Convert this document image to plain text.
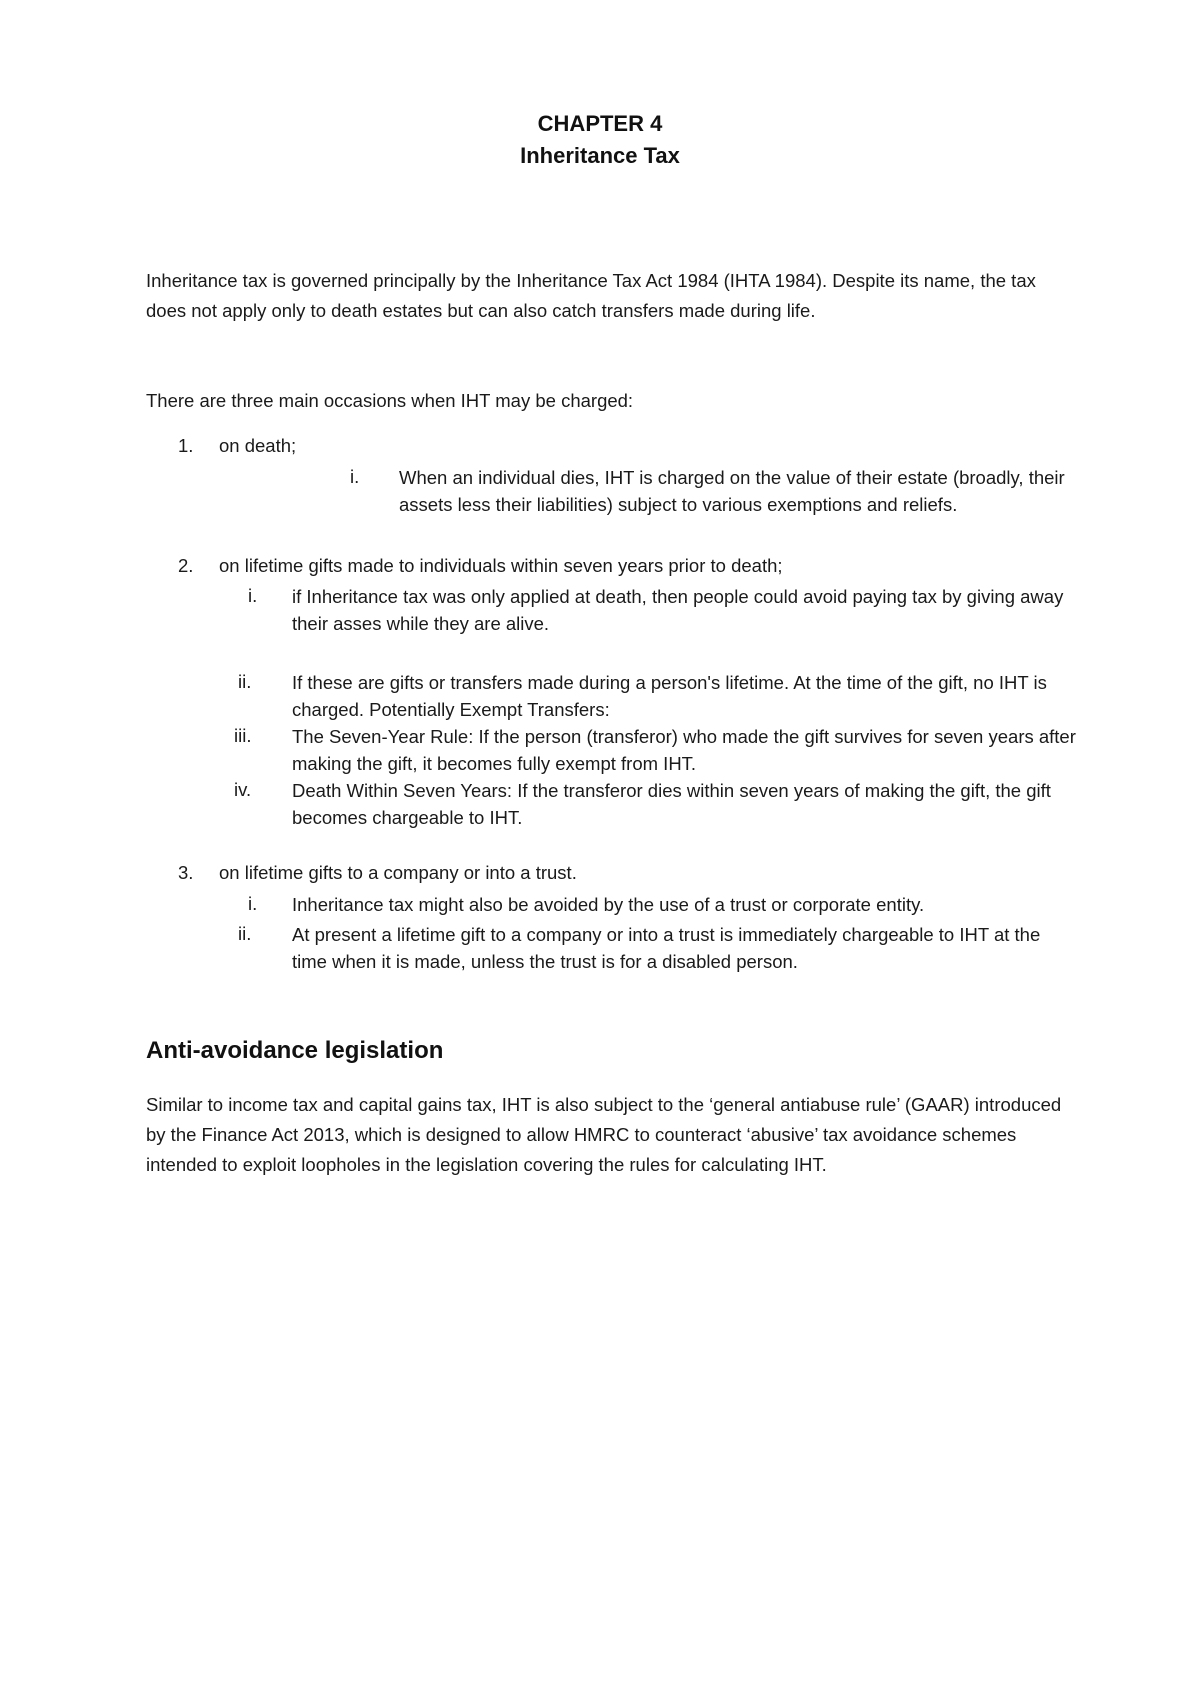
CHAPTER 4
Inheritance Tax
Inheritance tax is governed principally by the Inheritance Tax Act 1984 (IHTA 1984). Despite its name, the tax does not apply only to death estates but can also catch transfers made during life.
There are three main occasions when IHT may be charged:
1.	on death;
i.	When an individual dies, IHT is charged on the value of their estate (broadly, their assets less their liabilities) subject to various exemptions and reliefs.
2.	on lifetime gifts made to individuals within seven years prior to death;
i.	if Inheritance tax was only applied at death, then people could avoid paying tax by giving away their asses while they are alive.
ii.	If these are gifts or transfers made during a person's lifetime. At the time of the gift, no IHT is charged. Potentially Exempt Transfers:
iii.	The Seven-Year Rule: If the person (transferor) who made the gift survives for seven years after making the gift, it becomes fully exempt from IHT.
iv.	Death Within Seven Years: If the transferor dies within seven years of making the gift, the gift becomes chargeable to IHT.
3.	on lifetime gifts to a company or into a trust.
i.	Inheritance tax might also be avoided by the use of a trust or corporate entity.
ii.	At present a lifetime gift to a company or into a trust is immediately chargeable to IHT at the time when it is made, unless the trust is for a disabled person.
Anti-avoidance legislation
Similar to income tax and capital gains tax, IHT is also subject to the ‘general antiabuse rule’ (GAAR) introduced by the Finance Act 2013, which is designed to allow HMRC to counteract ‘abusive’ tax avoidance schemes intended to exploit loopholes in the legislation covering the rules for calculating IHT.
